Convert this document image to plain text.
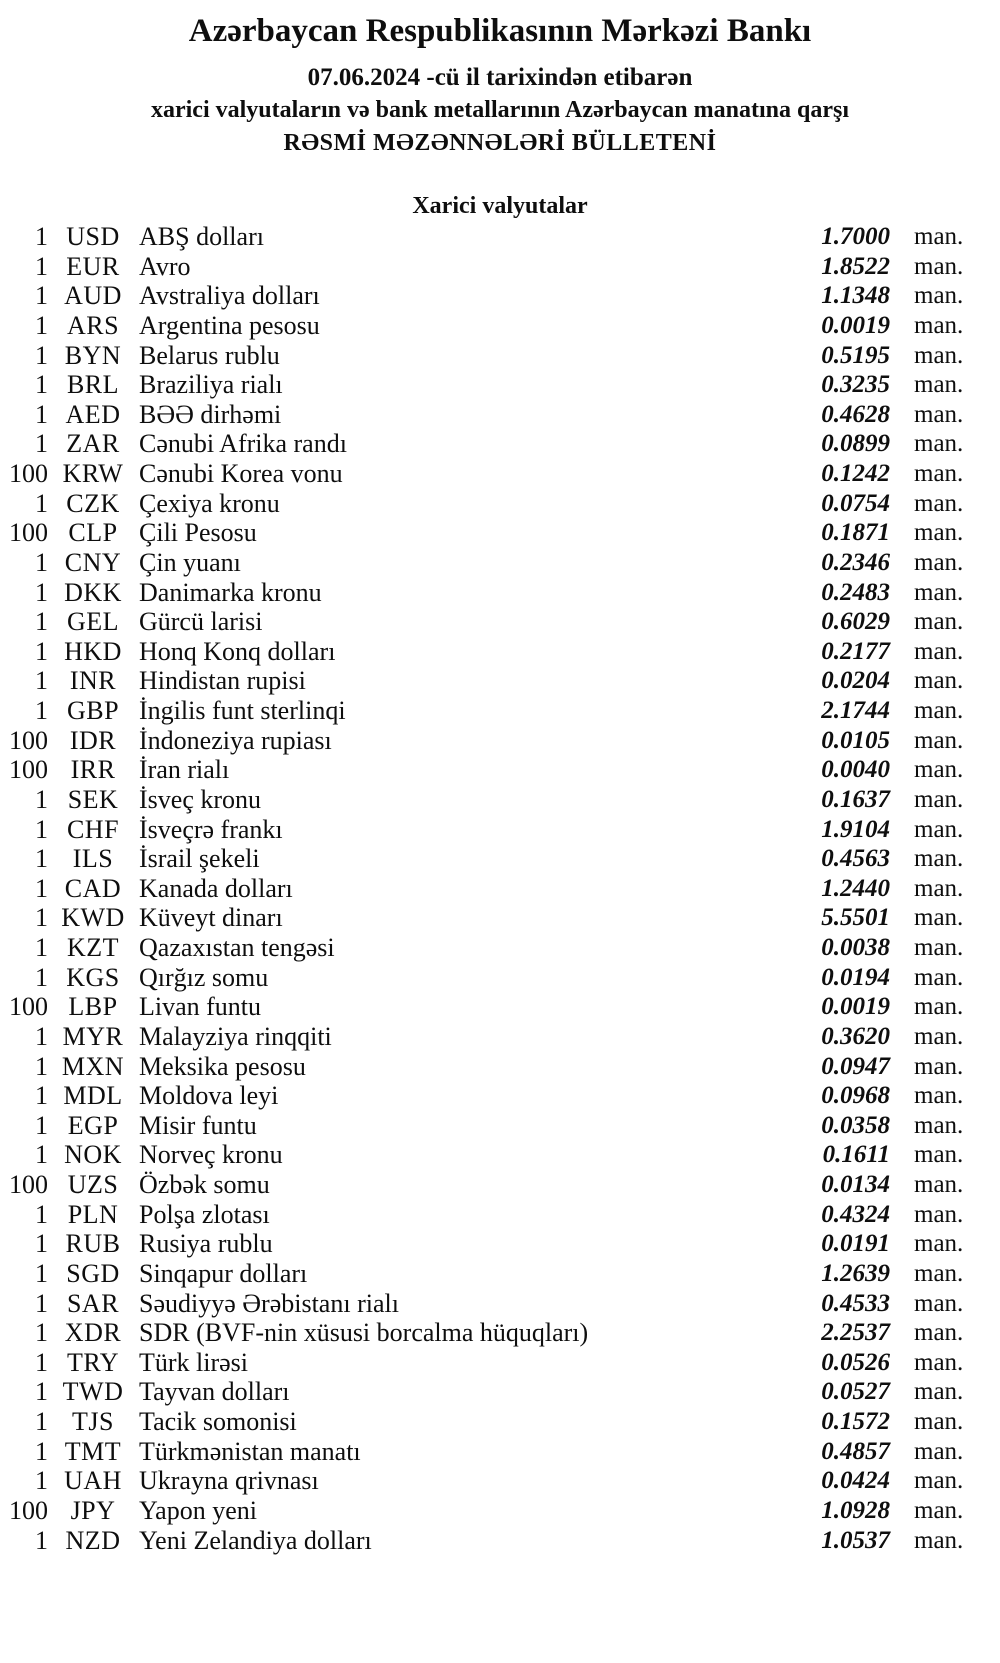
Azərbaycan Respublikasının Mərkəzi Bankı
07.06.2024 -cü il tarixindən etibarən
xarici valyutaların və bank metallarının Azərbaycan manatına qarşı
RƏSMİ MƏZƏNNƏLƏRİ BÜLLETENİ
Xarici valyutalar
1 USD ABŞ dolları	1.7000 man.
1 EUR Avro	1.8522 man.
1 AUD Avstraliya dolları	1.1348 man.
1 ARS Argentina pesosu	0.0019 man.
1 BYN Belarus rublu	0.5195 man.
1 BRL Braziliya rialı	0.3235 man.
1 AED BƏƏ dirhəmi	0.4628 man.
1 ZAR Cənubi Afrika randı	0.0899 man.
100 KRW Cənubi Korea vonu	0.1242 man.
1 CZK Çexiya kronu	0.0754 man.
100 CLP Çili Pesosu	0.1871 man.
1 CNY Çin yuanı	0.2346 man.
1 DKK Danimarka kronu	0.2483 man.
1 GEL Gürcü larisi	0.6029 man.
1 HKD Honq Konq dolları	0.2177 man.
1 INR Hindistan rupisi	0.0204 man.
1 GBP İngilis funt sterlinqi	2.1744 man.
100 IDR İndoneziya rupiası	0.0105 man.
100 IRR İran rialı	0.0040 man.
1 SEK İsveç kronu	0.1637 man.
1 CHF İsveçrə frankı	1.9104 man.
1 ILS İsrail şekeli	0.4563 man.
1 CAD Kanada dolları	1.2440 man.
1 KWD Küveyt dinarı	5.5501 man.
1 KZT Qazaxıstan tengəsi	0.0038 man.
1 KGS Qırğız somu	0.0194 man.
100 LBP Livan funtu	0.0019 man.
1 MYR Malayziya rinqqiti	0.3620 man.
1 MXN Meksika pesosu	0.0947 man.
1 MDL Moldova leyi	0.0968 man.
1 EGP Misir funtu	0.0358 man.
1 NOK Norveç kronu	0.1611 man.
100 UZS Özbək somu	0.0134 man.
1 PLN Polşa zlotası	0.4324 man.
1 RUB Rusiya rublu	0.0191 man.
1 SGD Sinqapur dolları	1.2639 man.
1 SAR Səudiyyə Ərəbistanı rialı	0.4533 man.
1 XDR SDR (BVF-nin xüsusi borcalma hüquqları)	2.2537 man.
1 TRY Türk lirəsi	0.0526 man.
1 TWD Tayvan dolları	0.0527 man.
1 TJS Tacik somonisi	0.1572 man.
1 TMT Türkmənistan manatı	0.4857 man.
1 UAH Ukrayna qrivnası	0.0424 man.
100 JPY Yapon yeni	1.0928 man.
1 NZD Yeni Zelandiya dolları	1.0537 man.
